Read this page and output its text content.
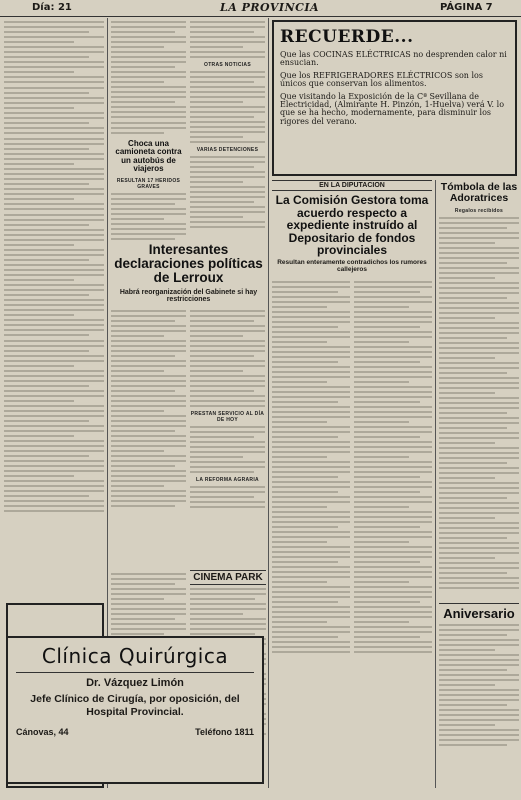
Día: 21	LA PROVINCIA	PÁGINA 7
OTRAS NOTICIAS
VARIAS DETENCIONES

Choca una camioneta contra un autobús de viajeros

RESULTAN 17 HERIDOS GRAVES

Interesantes declaraciones políticas de Lerroux

Habrá reorganización del Gabinete si hay restricciones

PRESTAN SERVICIO AL DÍA DE HOY
LA REFORMA AGRARIA
CINEMA PARK
RECUERDE...

Que las COCINAS ELÉCTRICAS no desprenden calor ni ensucian.

Que los REFRIGERADORES ELÉCTRICOS son los únicos que conservan los alimentos.

Que visitando la Exposición de la Cª Sevillana de Electricidad, (Almirante H. Pinzón, 1-Huelva) verá V. lo que se ha hecho, modernamente, para disminuir los rigores del verano.

EN LA DIPUTACION

La Comisión Gestora toma acuerdo respecto a expediente instruído al Depositario de fondos provinciales

Resultan enteramente contradichos los rumores callejeros

Tómbola de las Adoratrices

Regalos recibidos
Aniversario
Clínica Quirúrgica
Dr. Vázquez Limón
Jefe Clínico de Cirugía, por oposición, del Hospital Provincial.
Cánovas, 44	Teléfono 1811
